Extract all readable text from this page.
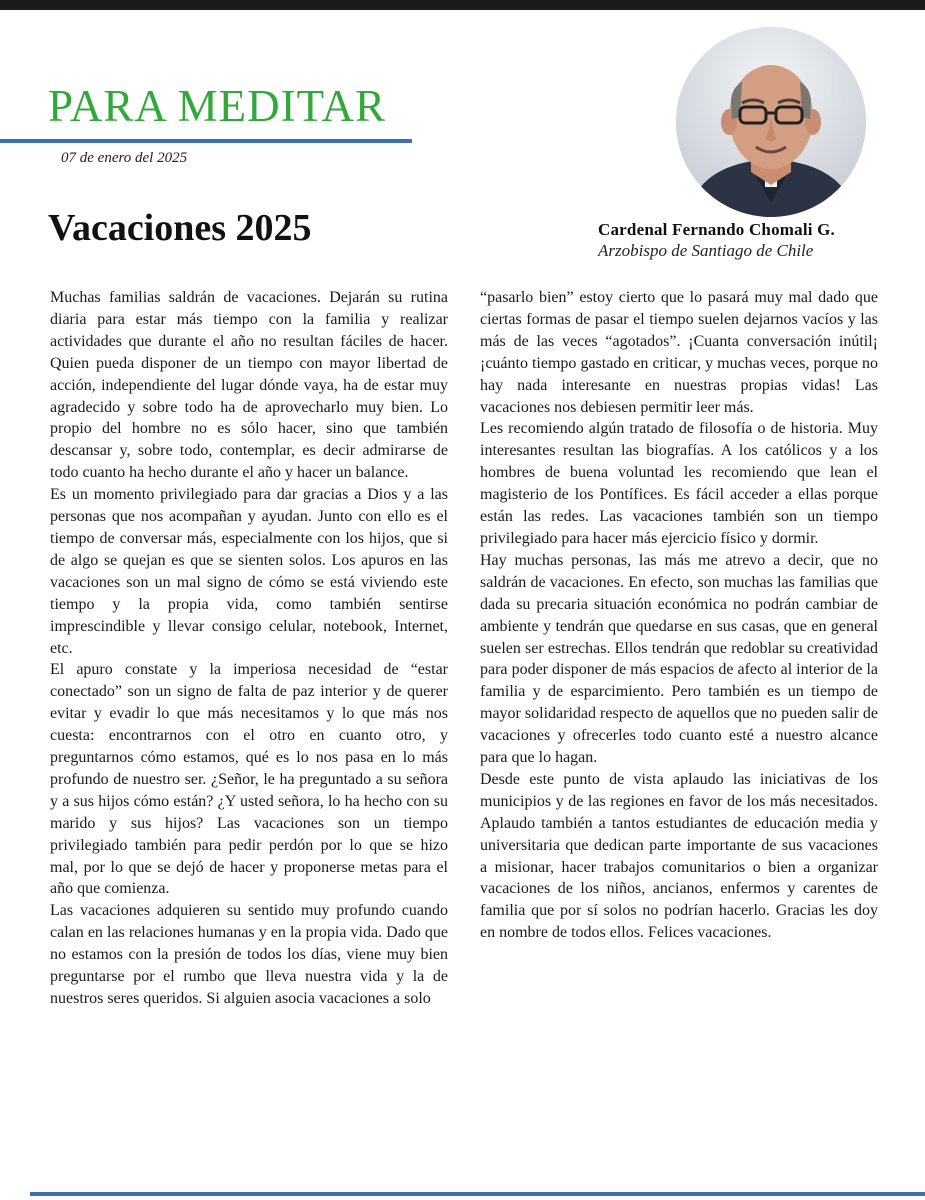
PARA MEDITAR
07 de enero del 2025
Vacaciones 2025	Cardenal Fernando Chomali G.
Arzobispo de Santiago de Chile

Muchas familias saldrán de vacaciones. Dejarán su rutina diaria para estar más tiempo con la familia y realizar actividades que durante el año no resultan fáciles de hacer. Quien pueda disponer de un tiempo con mayor libertad de acción, independiente del lugar dónde vaya, ha de estar muy agradecido y sobre todo ha de aprovecharlo muy bien. Lo propio del hombre no es sólo hacer, sino que también descansar y, sobre todo, contemplar, es decir admirarse de todo cuanto ha hecho durante el año y hacer un balance.

Es un momento privilegiado para dar gracias a Dios y a las personas que nos acompañan y ayudan. Junto con ello es el tiempo de conversar más, especialmente con los hijos, que si de algo se quejan es que se sienten solos. Los apuros en las vacaciones son un mal signo de cómo se está viviendo este tiempo y la propia vida, como también sentirse imprescindible y llevar consigo celular, notebook, Internet, etc.

El apuro constate y la imperiosa necesidad de “estar conectado” son un signo de falta de paz interior y de querer evitar y evadir lo que más necesitamos y lo que más nos cuesta: encontrarnos con el otro en cuanto otro, y preguntarnos cómo estamos, qué es lo nos pasa en lo más profundo de nuestro ser. ¿Señor, le ha preguntado a su señora y a sus hijos cómo están? ¿Y usted señora, lo ha hecho con su marido y sus hijos? Las vacaciones son un tiempo privilegiado también para pedir perdón por lo que se hizo mal, por lo que se dejó de hacer y proponerse metas para el año que comienza.

Las vacaciones adquieren su sentido muy profundo cuando calan en las relaciones humanas y en la propia vida. Dado que no estamos con la presión de todos los días, viene muy bien preguntarse por el rumbo que lleva nuestra vida y la de nuestros seres queridos. Si alguien asocia vacaciones a solo

“pasarlo bien” estoy cierto que lo pasará muy mal dado que ciertas formas de pasar el tiempo suelen dejarnos vacíos y las más de las veces “agotados”. ¡Cuanta conversación inútil¡ ¡cuánto tiempo gastado en criticar, y muchas veces, porque no hay nada interesante en nuestras propias vidas! Las vacaciones nos debiesen permitir leer más.

Les recomiendo algún tratado de filosofía o de historia. Muy interesantes resultan las biografías. A los católicos y a los hombres de buena voluntad les recomiendo que lean el magisterio de los Pontífices. Es fácil acceder a ellas porque están las redes. Las vacaciones también son un tiempo privilegiado para hacer más ejercicio físico y dormir.

Hay muchas personas, las más me atrevo a decir, que no saldrán de vacaciones. En efecto, son muchas las familias que dada su precaria situación económica no podrán cambiar de ambiente y tendrán que quedarse en sus casas, que en general suelen ser estrechas. Ellos tendrán que redoblar su creatividad para poder disponer de más espacios de afecto al interior de la familia y de esparcimiento. Pero también es un tiempo de mayor solidaridad respecto de aquellos que no pueden salir de vacaciones y ofrecerles todo cuanto esté a nuestro alcance para que lo hagan.

Desde este punto de vista aplaudo las iniciativas de los municipios y de las regiones en favor de los más necesitados. Aplaudo también a tantos estudiantes de educación media y universitaria que dedican parte importante de sus vacaciones a misionar, hacer trabajos comunitarios o bien a organizar vacaciones de los niños, ancianos, enfermos y carentes de familia que por sí solos no podrían hacerlo. Gracias les doy en nombre de todos ellos. Felices vacaciones.
